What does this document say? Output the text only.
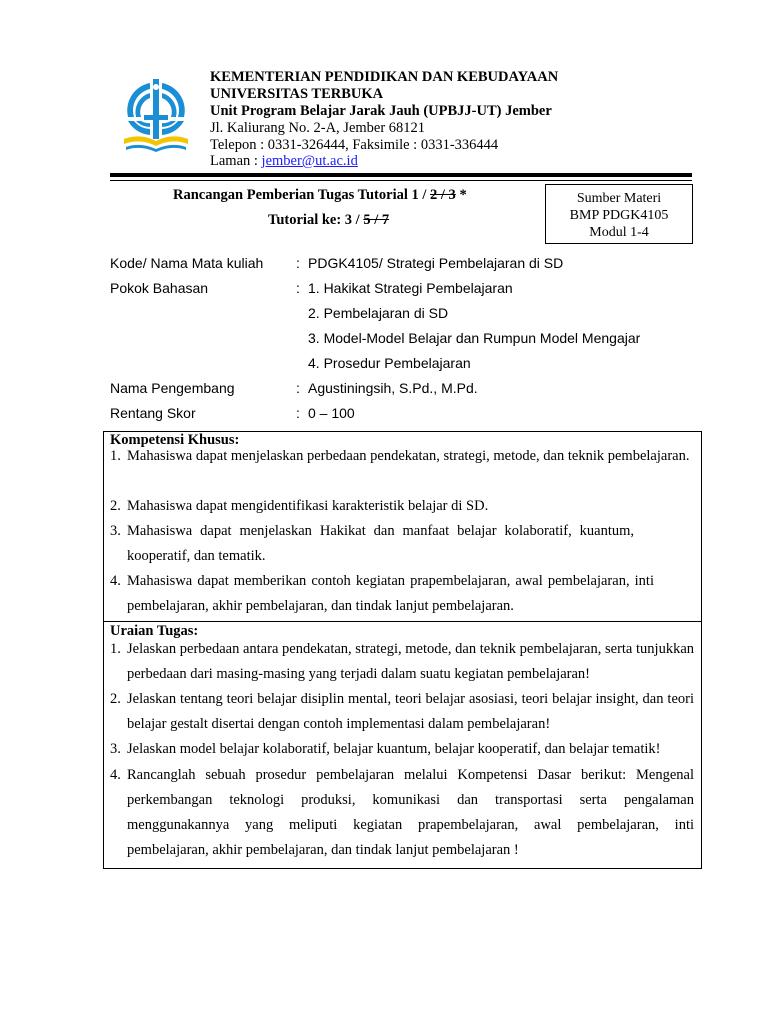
KEMENTERIAN PENDIDIKAN DAN KEBUDAYAAN
UNIVERSITAS TERBUKA
Unit Program Belajar Jarak Jauh (UPBJJ-UT) Jember
Jl. Kaliurang No. 2-A, Jember 68121
Telepon : 0331-326444, Faksimile : 0331-336444
Laman : jember@ut.ac.id
Rancangan Pemberian Tugas Tutorial 1 / 2 / 3 *
Tutorial ke: 3 / 5 / 7
Sumber Materi
BMP PDGK4105
Modul 1-4
Kode/ Nama Mata kuliah : PDGK4105/ Strategi Pembelajaran di SD
Pokok Bahasan	: 1. Hakikat Strategi Pembelajaran
2. Pembelajaran di SD
3. Model-Model Belajar dan Rumpun Model Mengajar
4. Prosedur Pembelajaran
Nama Pengembang	: Agustiningsih, S.Pd., M.Pd.
Rentang Skor	: 0 – 100
Kompetensi Khusus:
1. Mahasiswa dapat menjelaskan perbedaan pendekatan, strategi, metode, dan teknik pembelajaran.
2. Mahasiswa dapat mengidentifikasi karakteristik belajar di SD.
3. Mahasiswa dapat menjelaskan Hakikat dan manfaat belajar kolaboratif, kuantum, kooperatif, dan tematik.
4. Mahasiswa dapat memberikan contoh kegiatan prapembelajaran, awal pembelajaran, inti pembelajaran, akhir pembelajaran, dan tindak lanjut pembelajaran.
Uraian Tugas:
1. Jelaskan perbedaan antara pendekatan, strategi, metode, dan teknik pembelajaran, serta tunjukkan perbedaan dari masing-masing yang terjadi dalam suatu kegiatan pembelajaran!
2. Jelaskan tentang teori belajar disiplin mental, teori belajar asosiasi, teori belajar insight, dan teori belajar gestalt disertai dengan contoh implementasi dalam pembelajaran!
3. Jelaskan model belajar kolaboratif, belajar kuantum, belajar kooperatif, dan belajar tematik!
4. Rancanglah sebuah prosedur pembelajaran melalui Kompetensi Dasar berikut: Mengenal perkembangan teknologi produksi, komunikasi dan transportasi serta pengalaman menggunakannya yang meliputi kegiatan prapembelajaran, awal pembelajaran, inti pembelajaran, akhir pembelajaran, dan tindak lanjut pembelajaran !
